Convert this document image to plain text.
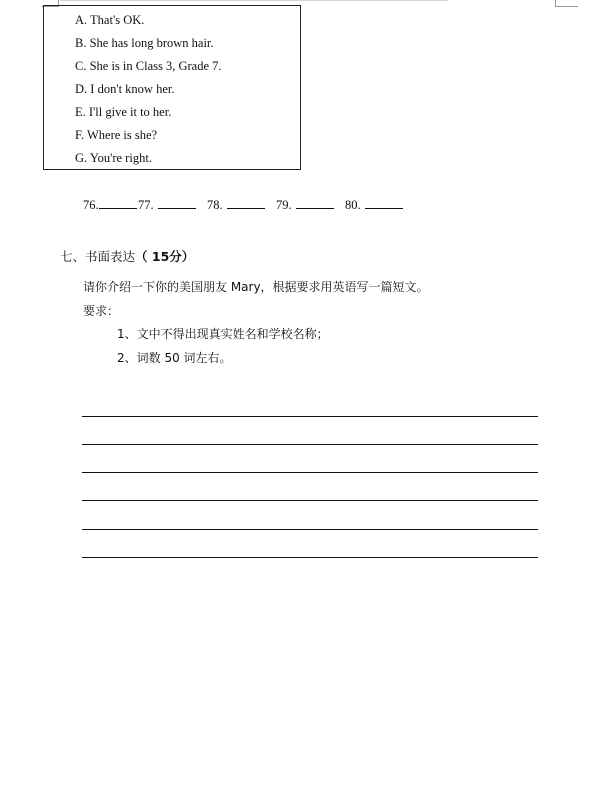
A. That's OK.
B. She has long brown hair.
C. She is in Class 3, Grade 7.
D. I don't know her.
E. I'll give it to her.
F. Where is she?
G. You're right.
76.	77.	78.	79.	80.
七、书面表达（ 15分）
请你介绍一下你的美国朋友 Mary，根据要求用英语写一篇短文。
要求：
1、文中不得出现真实姓名和学校名称；
2、词数 50 词左右。
